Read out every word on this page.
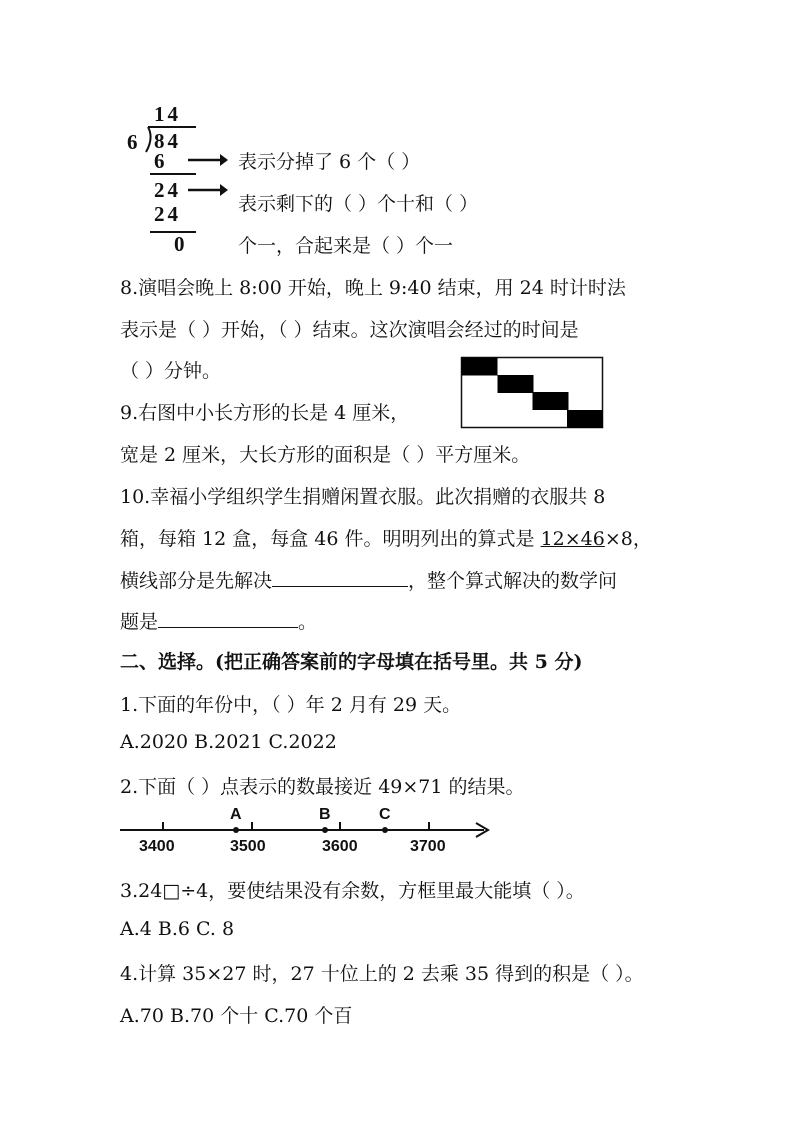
14
6 84
6
24
24
0
表示分掉了 6 个（ ）
表示剩下的（ ）个十和（ ）
个一，合起来是（ ）个一
8.演唱会晚上 8:00 开始，晚上 9:40 结束，用 24 时计时法
表示是（ ）开始，（ ）结束。这次演唱会经过的时间是
（ ）分钟。
9.右图中小长方形的长是 4 厘米，
宽是 2 厘米，大长方形的面积是（ ）平方厘米。
10.幸福小学组织学生捐赠闲置衣服。此次捐赠的衣服共 8
箱，每箱 12 盒，每盒 46 件。明明列出的算式是 12×46×8，
横线部分是先解决	，整个算式解决的数学问
题是	。
二、选择。(把正确答案前的字母填在括号里。共 5 分)
1.下面的年份中，（ ）年 2 月有 29 天。
A.2020 B.2021 C.2022
2.下面（ ）点表示的数最接近 49×71 的结果。
A	B	C
3400	3500	3600	3700
3.24□÷4，要使结果没有余数，方框里最大能填（ ）。
A.4 B.6 C. 8
4.计算 35×27 时，27 十位上的 2 去乘 35 得到的积是（ ）。
A.70 B.70 个十 C.70 个百
